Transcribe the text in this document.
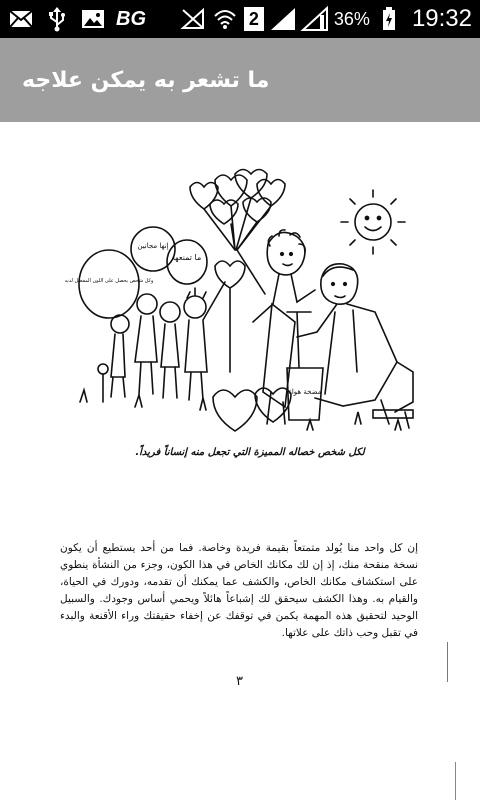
BG	2	36% 19:32
ما تشعر به يمكن علاجه
ما تمنعها
إنها مجانين
وكل شخص يحصل على اللون المفضل لديه
مضخة هواء
لكل شخص خصاله المميزة التي تجعل منه إنساناً فريداً.
إن كل واحد منا يُولد متمتعاً بقيمة فريدة وخاصة. فما من أحد يستطيع أن يكون نسخة منقحة منك، إذ إن لك مكانك الخاص في هذا الكون، وجزء من النشأة ينطوي على استكشاف مكانك الخاص، والكشف عما يمكنك أن تقدمه، ودورك في الحياة، والقيام به. وهذا الكشف سيحقق لك إشباعاً هائلاً ويحمي أساس وجودك. والسبيل الوحيد لتحقيق هذه المهمة يكمن في توقفك عن إخفاء حقيقتك وراء الأقنعة والبدء في تقبل وحب ذاتك على علاتها.
٣
